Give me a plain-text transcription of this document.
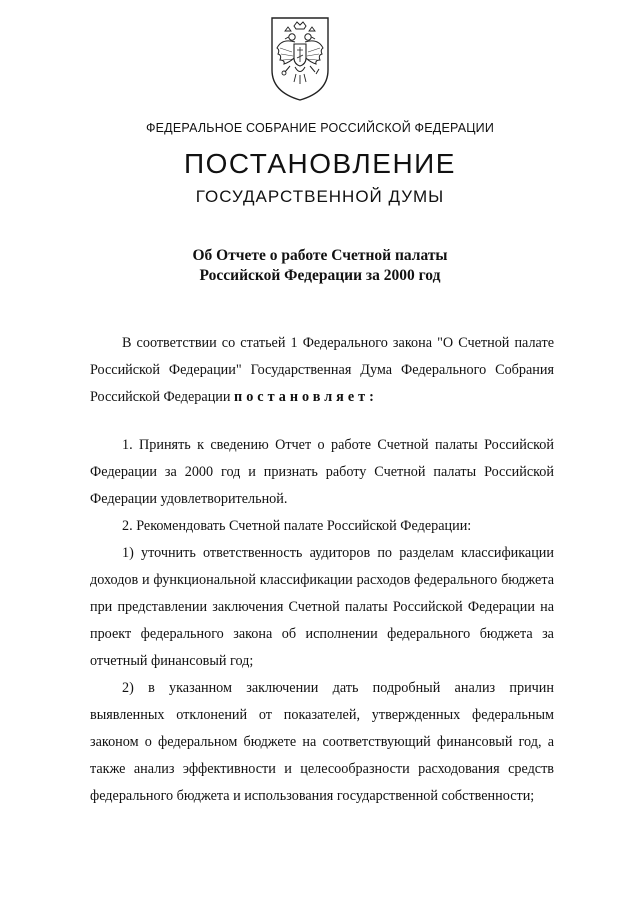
ФЕДЕРАЛЬНОЕ СОБРАНИЕ РОССИЙСКОЙ ФЕДЕРАЦИИ
ПОСТАНОВЛЕНИЕ
ГОСУДАРСТВЕННОЙ ДУМЫ
Об Отчете о работе Счетной палаты
Российской Федерации за 2000 год

В соответствии со статьей 1 Федерального закона "О Счетной палате Российской Федерации" Государственная Дума Федерального Собрания Российской Федерации постановляет:

1. Принять к сведению Отчет о работе Счетной палаты Российской Федерации за 2000 год и признать работу Счетной палаты Российской Федерации удовлетворительной.

2. Рекомендовать Счетной палате Российской Федерации:

1) уточнить ответственность аудиторов по разделам классификации доходов и функциональной классификации расходов федерального бюджета при представлении заключения Счетной палаты Российской Федерации на проект федерального закона об исполнении федерального бюджета за отчетный финансовый год;

2) в указанном заключении дать подробный анализ причин выявленных отклонений от показателей, утвержденных федеральным законом о федеральном бюджете на соответствующий финансовый год, а также анализ эффективности и целесообразности расходования средств федерального бюджета и использования государственной собственности;
